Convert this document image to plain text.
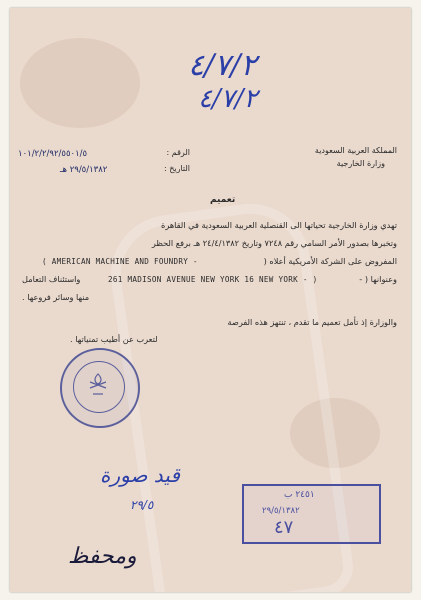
٤/٧/٢
٤/٧/٢
المملكة العربية السعودية
وزارة الخارجية
الرقم :
١٠١/٢/٢/٩٢/٥٥٠١/٥
التاريخ :
٢٩/٥/١٣٨٢ هـ
تعميم
تهدي وزارة الخارجية تحياتها الى القنصلية العربية السعودية في القاهرة
وتخبرها بصدور الأمر السامي رقم ٧٢٤٨ وتاريخ ٢٤/٤/١٣٨٢ هـ برفع الحظر
المفروض على الشركة الأمريكية أعلاه (
( AMERICAN MACHINE AND FOUNDRY -
وعنوانها ( -
261 MADISON AVENUE NEW YORK 16 NEW YORK - )
واستئناف التعامل
منها وسائر فروعها .
والوزارة إذ تأمل تعميم ما تقدم ، تنتهز هذه الفرصة
لتعرب عن أطيب تمنياتها .
قيد صورة
٢٩/٥
ومحفظ
٢٤٥١ ب
٢٩/٥/١٣٨٢
٤٧
